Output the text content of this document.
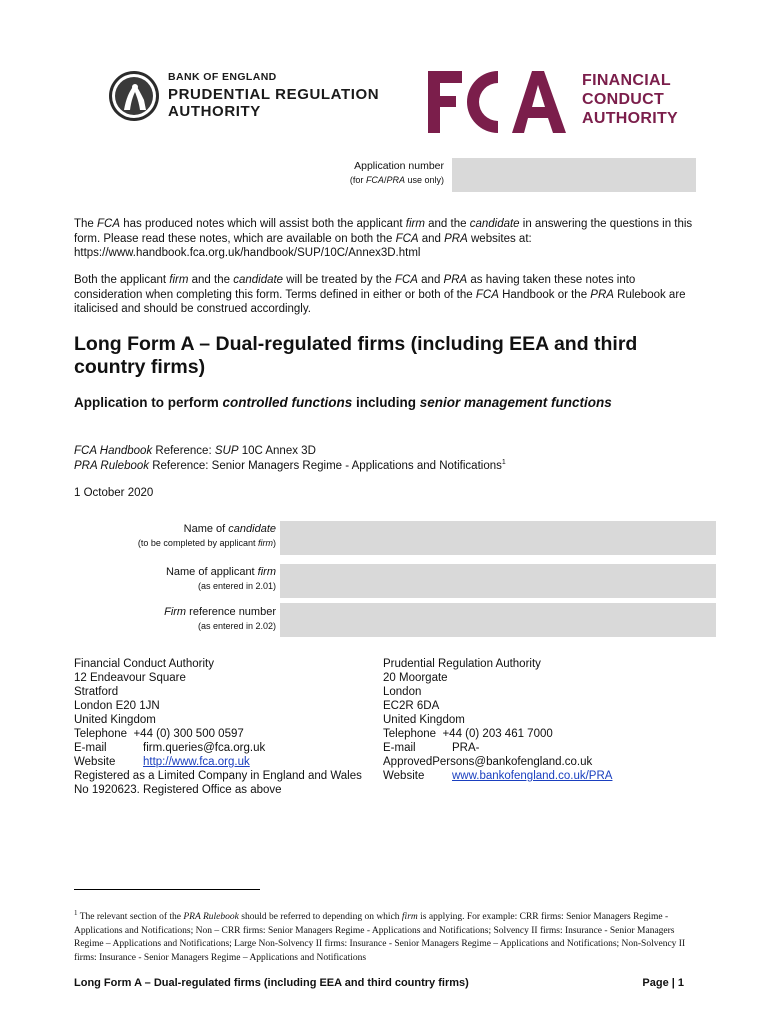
BANK OF ENGLAND
PRUDENTIAL REGULATION
AUTHORITY
FINANCIAL
CONDUCT
AUTHORITY
Application number
(for FCA/PRA use only)
The FCA has produced notes which will assist both the applicant firm and the candidate in answering the questions in this form. Please read these notes, which are available on both the FCA and PRA websites at:
https://www.handbook.fca.org.uk/handbook/SUP/10C/Annex3D.html
Both the applicant firm and the candidate will be treated by the FCA and PRA as having taken these notes into consideration when completing this form. Terms defined in either or both of the FCA Handbook or the PRA Rulebook are italicised and should be construed accordingly.
Long Form A – Dual-regulated firms (including EEA and third country firms)
Application to perform controlled functions including senior management functions
FCA Handbook Reference: SUP 10C Annex 3D
PRA Rulebook Reference: Senior Managers Regime - Applications and Notifications$^1$
1 October 2020
Name of candidate
(to be completed by applicant firm)
Name of applicant firm
(as entered in 2.01)
Firm reference number
(as entered in 2.02)
Financial Conduct Authority
12 Endeavour Square
Stratford
London E20 1JN
United Kingdom
Telephone +44 (0) 300 500 0597
E-mail	firm.queries@fca.org.uk
Website http://www.fca.org.uk
Registered as a Limited Company in England and Wales No 1920623. Registered Office as above
Prudential Regulation Authority
20 Moorgate
London
EC2R 6DA
United Kingdom
Telephone +44 (0) 203 461 7000
E-mail	PRA-
ApprovedPersons@bankofengland.co.uk
Website www.bankofengland.co.uk/PRA
$^1$ The relevant section of the PRA Rulebook should be referred to depending on which firm is applying. For example: CRR firms: Senior Managers Regime - Applications and Notifications; Non – CRR firms: Senior Managers Regime - Applications and Notifications; Solvency II firms: Insurance - Senior Managers Regime – Applications and Notifications; Large Non-Solvency II firms: Insurance - Senior Managers Regime – Applications and Notifications; Non-Solvency II firms: Insurance - Senior Managers Regime – Applications and Notifications
Long Form A – Dual-regulated firms (including EEA and third country firms)	Page | 1
